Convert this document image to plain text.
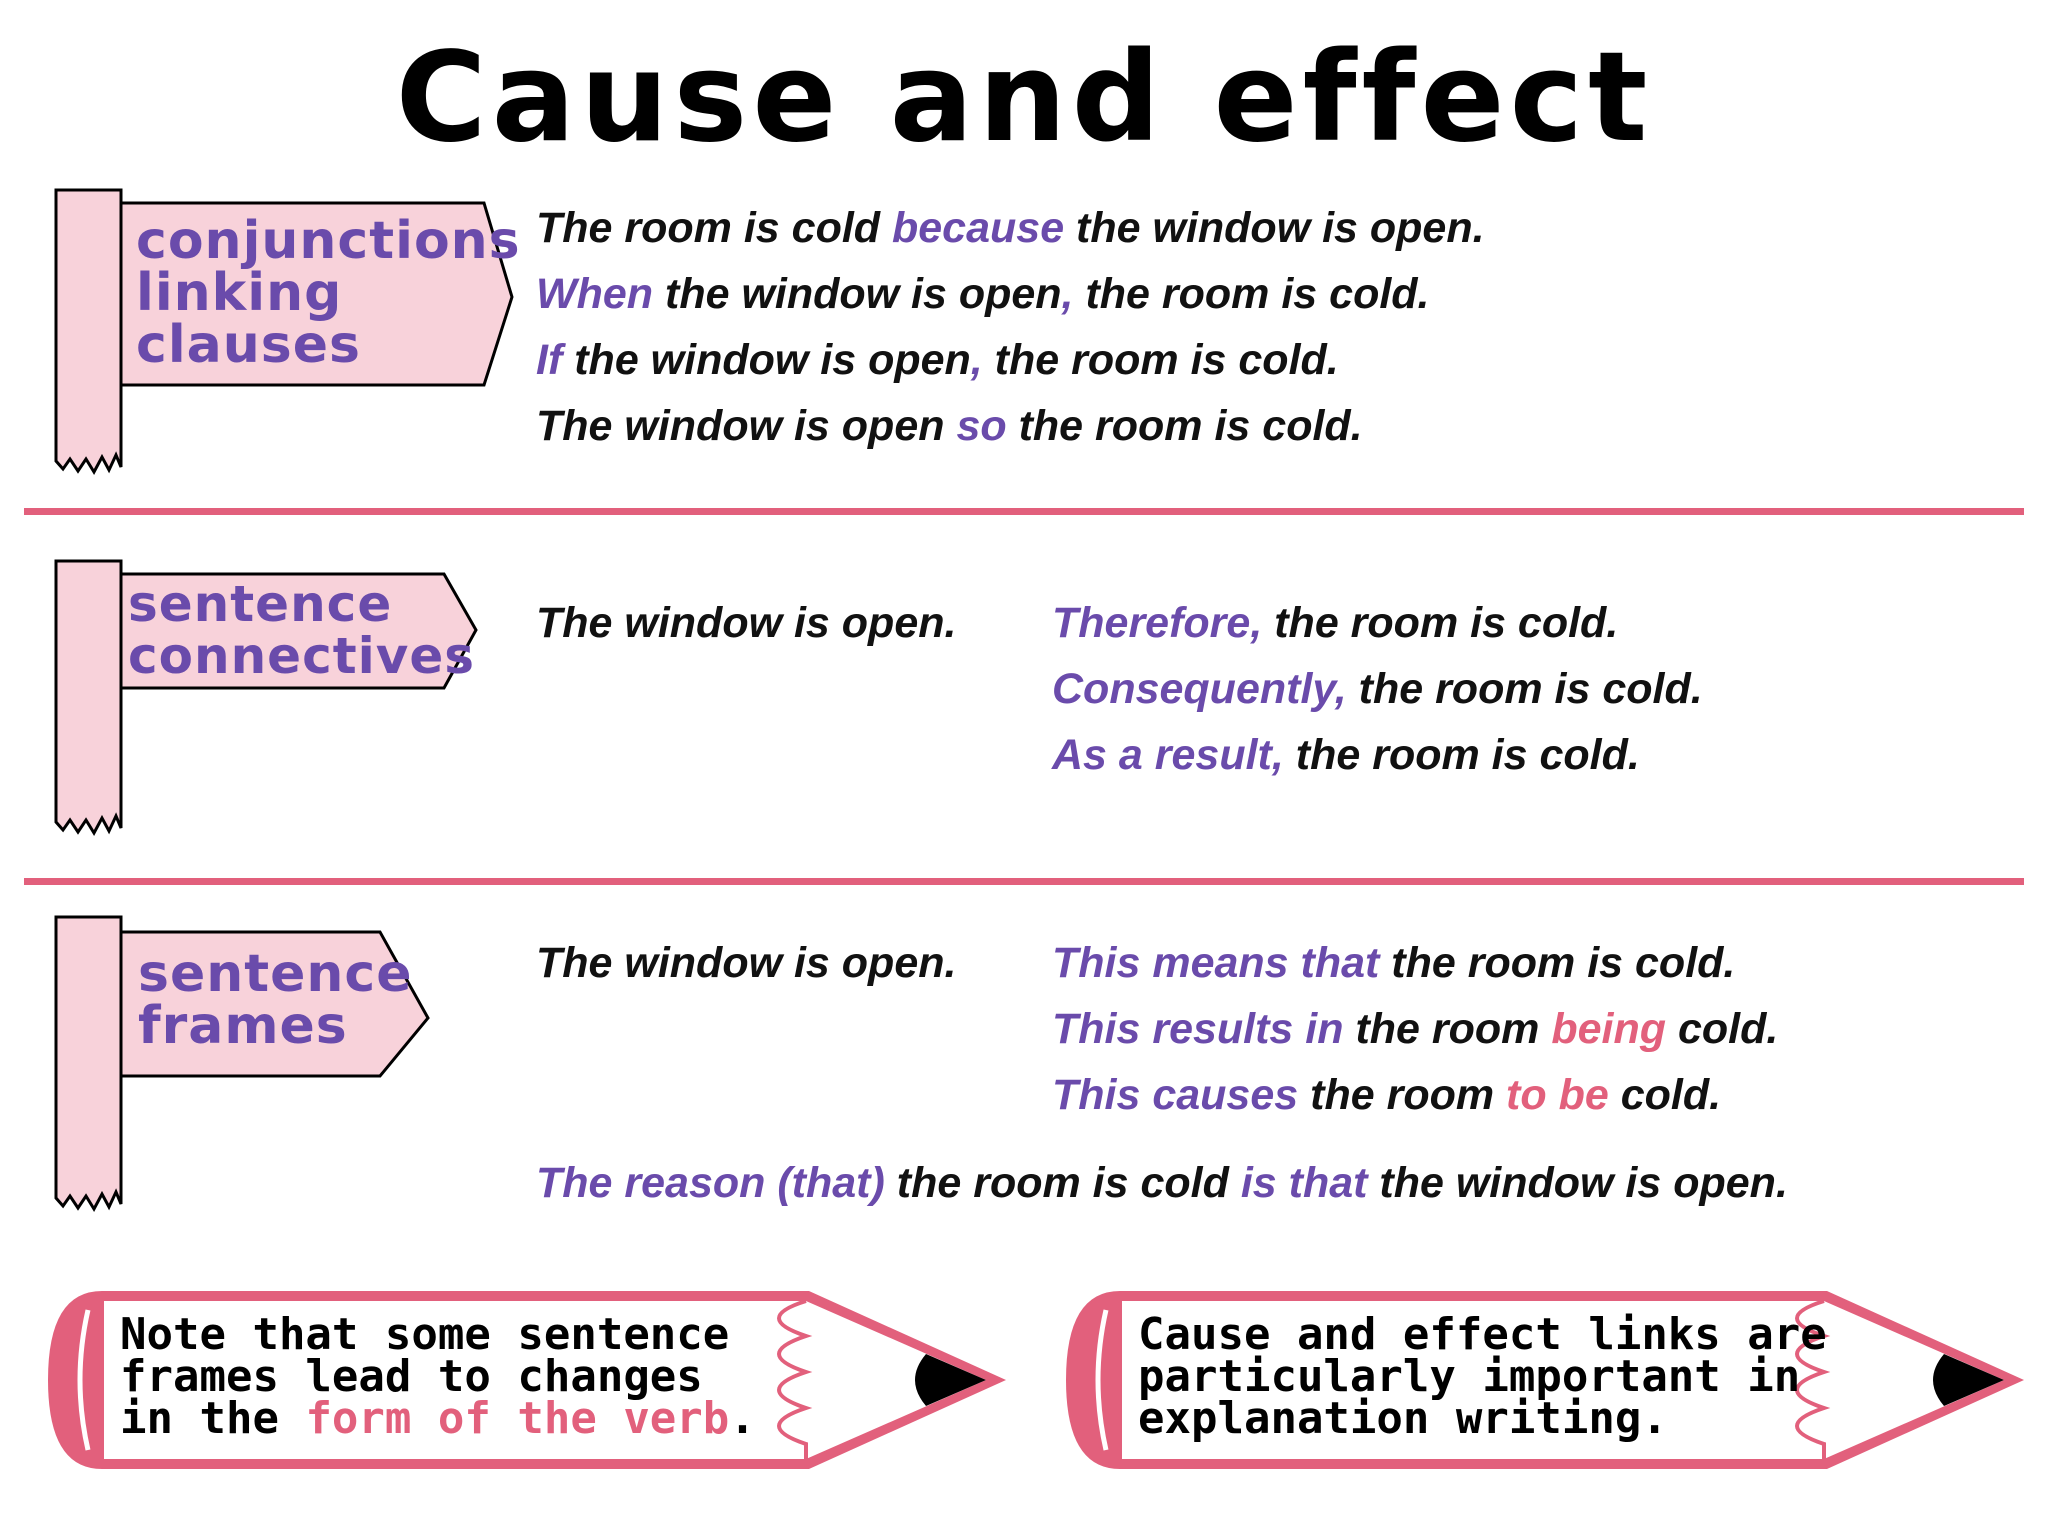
Cause and effect
conjunctions
linking
clauses
The room is cold because the window is open.
When the window is open, the room is cold.
If the window is open, the room is cold.
The window is open so the room is cold.
sentence
connectives
The window is open. Therefore, the room is cold.
Consequently, the room is cold.
As a result, the room is cold.
sentence
frames
The window is open. This means that the room is cold.
This results in the room being cold.
This causes the room to be cold.
The reason (that) the room is cold is that the window is open.
Note that some sentence
frames lead to changes
in the form of the verb.
Cause and effect links are
particularly important in
explanation writing.
